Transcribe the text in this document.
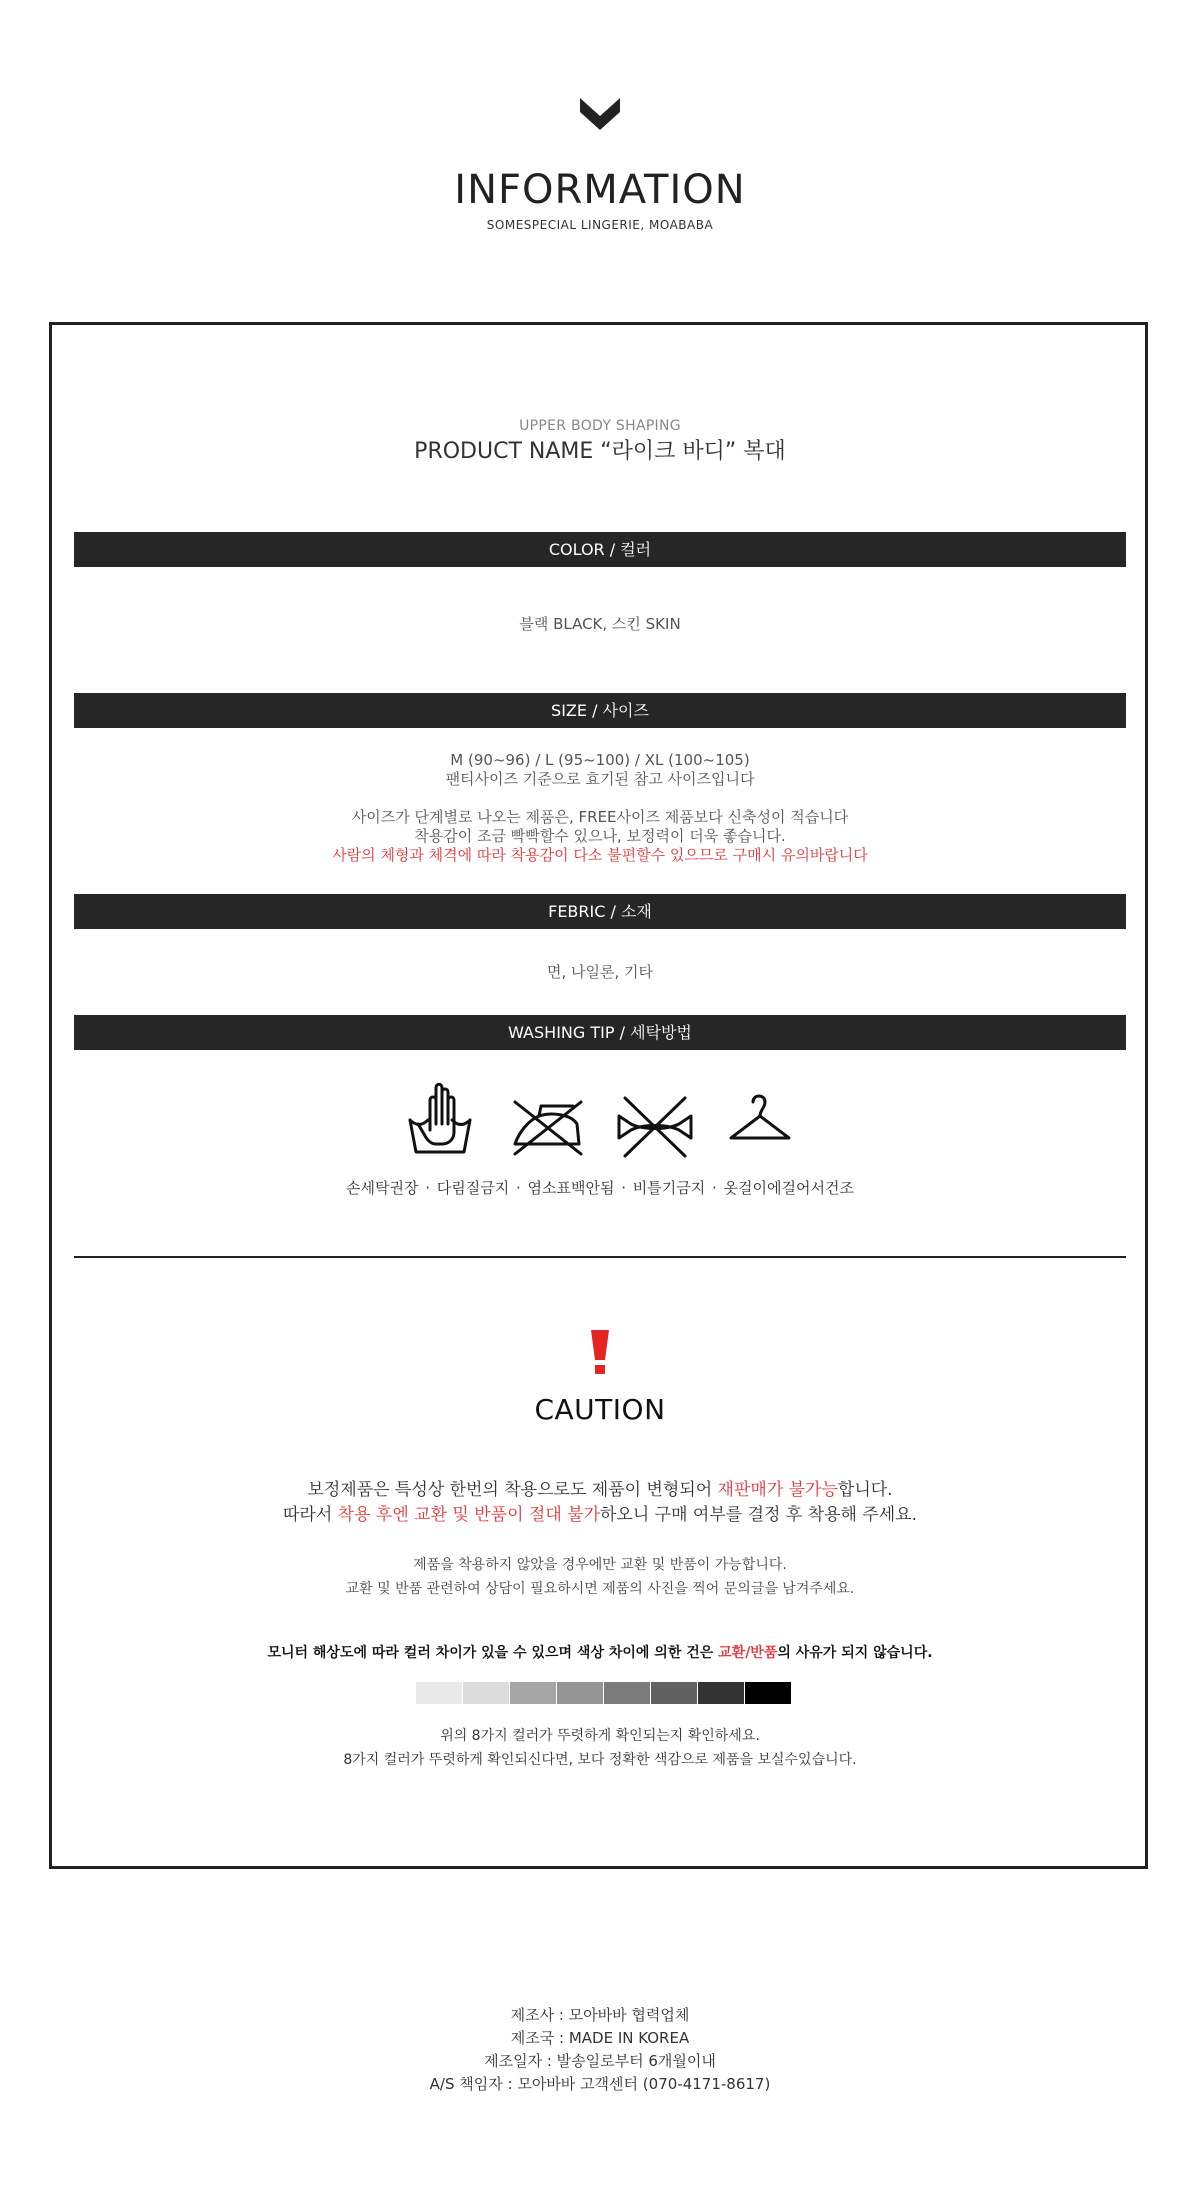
INFORMATION
SOMESPECIAL LINGERIE, MOABABA
UPPER BODY SHAPING
PRODUCT NAME “라이크 바디” 복대
COLOR / 컬러
블랙 BLACK, 스킨 SKIN
SIZE / 사이즈
M (90~96) / L (95~100) / XL (100~105)
팬티사이즈 기준으로 효기된 참고 사이즈입니다
사이즈가 단계별로 나오는 제품은, FREE사이즈 제품보다 신축성이 적습니다
착용감이 조금 빡빡할수 있으나, 보정력이 더욱 좋습니다.
사람의 체형과 체격에 따라 착용감이 다소 불편할수 있으므로 구매시 유의바랍니다
FEBRIC / 소재
면, 나일론, 기타
WASHING TIP / 세탁방법
손세탁권장 · 다림질금지 · 염소표백안됨 · 비틀기금지 · 옷걸이에걸어서건조
CAUTION
보정제품은 특성상 한번의 착용으로도 제품이 변형되어 재판매가 불가능합니다.
따라서 착용 후엔 교환 및 반품이 절대 불가하오니 구매 여부를 결정 후 착용해 주세요.
제품을 착용하지 않았을 경우에만 교환 및 반품이 가능합니다.
교환 및 반품 관련하여 상담이 필요하시면 제품의 사진을 찍어 문의글을 남겨주세요.
모니터 해상도에 따라 컬러 차이가 있을 수 있으며 색상 차이에 의한 건은 교환/반품의 사유가 되지 않습니다.
위의 8가지 컬러가 뚜렷하게 확인되는지 확인하세요.
8가지 컬러가 뚜렷하게 확인되신다면, 보다 정확한 색감으로 제품을 보실수있습니다.
제조사 : 모아바바 협력업체
제조국 : MADE IN KOREA
제조일자 : 발송일로부터 6개월이내
A/S 책임자 : 모아바바 고객센터 (070-4171-8617)
